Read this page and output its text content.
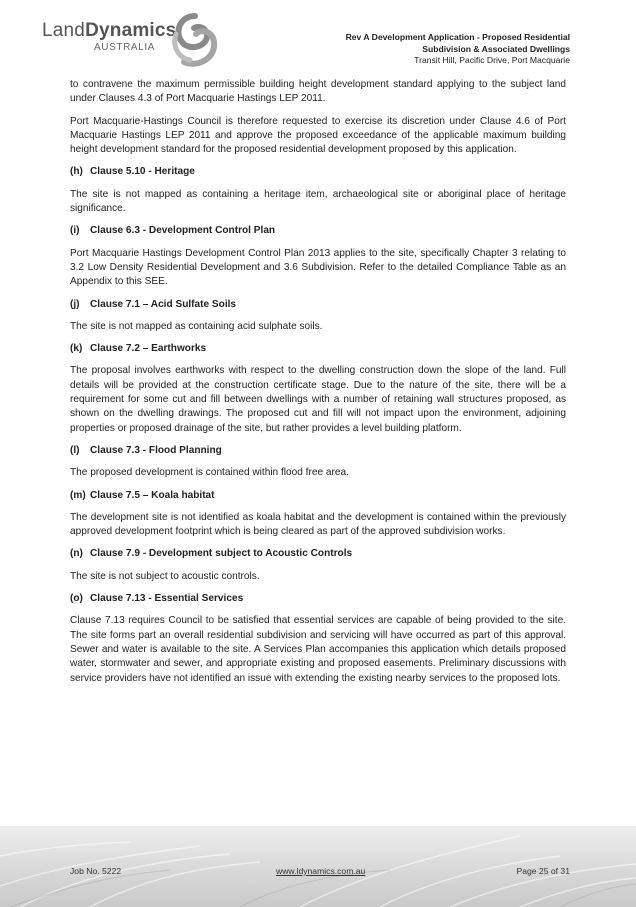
LandDynamics
AUSTRALIA
Rev A Development Application - Proposed Residential
Subdivision & Associated Dwellings
Transit Hill, Pacific Drive, Port Macquarie

to contravene the maximum permissible building height development standard applying to the subject land under Clauses 4.3 of Port Macquarie Hastings LEP 2011.

Port Macquarie-Hastings Council is therefore requested to exercise its discretion under Clause 4.6 of Port Macquarie Hastings LEP 2011 and approve the proposed exceedance of the applicable maximum building height development standard for the proposed residential development proposed by this application.

(h) Clause 5.10 - Heritage

The site is not mapped as containing a heritage item, archaeological site or aboriginal place of heritage significance.

(i) Clause 6.3 - Development Control Plan

Port Macquarie Hastings Development Control Plan 2013 applies to the site, specifically Chapter 3 relating to 3.2 Low Density Residential Development and 3.6 Subdivision. Refer to the detailed Compliance Table as an Appendix to this SEE.

(j) Clause 7.1 – Acid Sulfate Soils

The site is not mapped as containing acid sulphate soils.

(k) Clause 7.2 – Earthworks

The proposal involves earthworks with respect to the dwelling construction down the slope of the land. Full details will be provided at the construction certificate stage. Due to the nature of the site, there will be a requirement for some cut and fill between dwellings with a number of retaining wall structures proposed, as shown on the dwelling drawings. The proposed cut and fill will not impact upon the environment, adjoining properties or proposed drainage of the site, but rather provides a level building platform.

(l) Clause 7.3 - Flood Planning

The proposed development is contained within flood free area.

(m) Clause 7.5 – Koala habitat

The development site is not identified as koala habitat and the development is contained within the previously approved development footprint which is being cleared as part of the approved subdivision works.

(n) Clause 7.9 - Development subject to Acoustic Controls

The site is not subject to acoustic controls.

(o) Clause 7.13 - Essential Services

Clause 7.13 requires Council to be satisfied that essential services are capable of being provided to the site. The site forms part an overall residential subdivision and servicing will have occurred as part of this approval. Sewer and water is available to the site. A Services Plan accompanies this application which details proposed water, stormwater and sewer, and appropriate existing and proposed easements. Preliminary discussions with service providers have not identified an issue with extending the existing nearby services to the proposed lots.

Job No. 5222	www.ldynamics.com.au	Page 25 of 31
